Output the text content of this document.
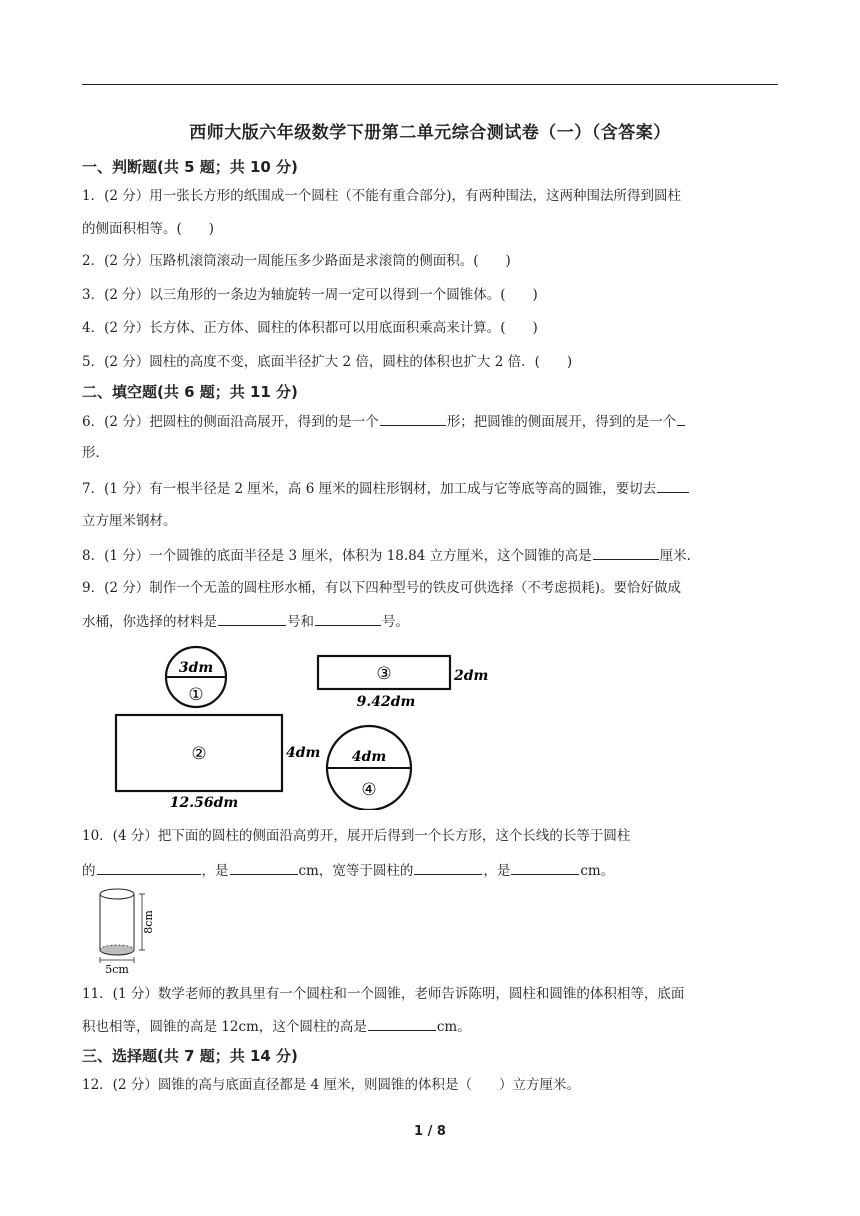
西师大版六年级数学下册第二单元综合测试卷（一）（含答案）
一、判断题(共 5 题；共 10 分)
1．(2 分）用一张长方形的纸围成一个圆柱（不能有重合部分)，有两种围法，这两种围法所得到圆柱
的侧面积相等。(　　)
2．(2 分）压路机滚筒滚动一周能压多少路面是求滚筒的侧面积。(　　)
3．(2 分）以三角形的一条边为轴旋转一周一定可以得到一个圆锥体。(　　)
4．(2 分）长方体、正方体、圆柱的体积都可以用底面积乘高来计算。(　　)
5．(2 分）圆柱的高度不变，底面半径扩大 2 倍，圆柱的体积也扩大 2 倍．(　　)
二、填空题(共 6 题；共 11 分)
6．(2 分）把圆柱的侧面沿高展开，得到的是一个	形；把圆锥的侧面展开，得到的是一个
形．
7．(1 分）有一根半径是 2 厘米，高 6 厘米的圆柱形钢材，加工成与它等底等高的圆锥，要切去
立方厘米钢材。
8．(1 分）一个圆锥的底面半径是 3 厘米，体积为 18.84 立方厘米，这个圆锥的高是	厘米.
9．(2 分）制作一个无盖的圆柱形水桶，有以下四种型号的铁皮可供选择（不考虑损耗)。要恰好做成
水桶，你选择的材料是	号和	号。
3dm
①
③	2dm
9.42dm
②	4dm
12.56dm
4dm
④
10．(4 分）把下面的圆柱的侧面沿高剪开，展开后得到一个长方形，这个长线的长等于圆柱
的	，是	cm，宽等于圆柱的	，是	cm。
8cm
5cm
11．(1 分）数学老师的教具里有一个圆柱和一个圆锥，老师告诉陈明，圆柱和圆锥的体积相等，底面
积也相等，圆锥的高是 12cm，这个圆柱的高是	cm。
三、选择题(共 7 题；共 14 分)
12．(2 分）圆锥的高与底面直径都是 4 厘米，则圆锥的体积是（　　）立方厘米。
1 / 8
